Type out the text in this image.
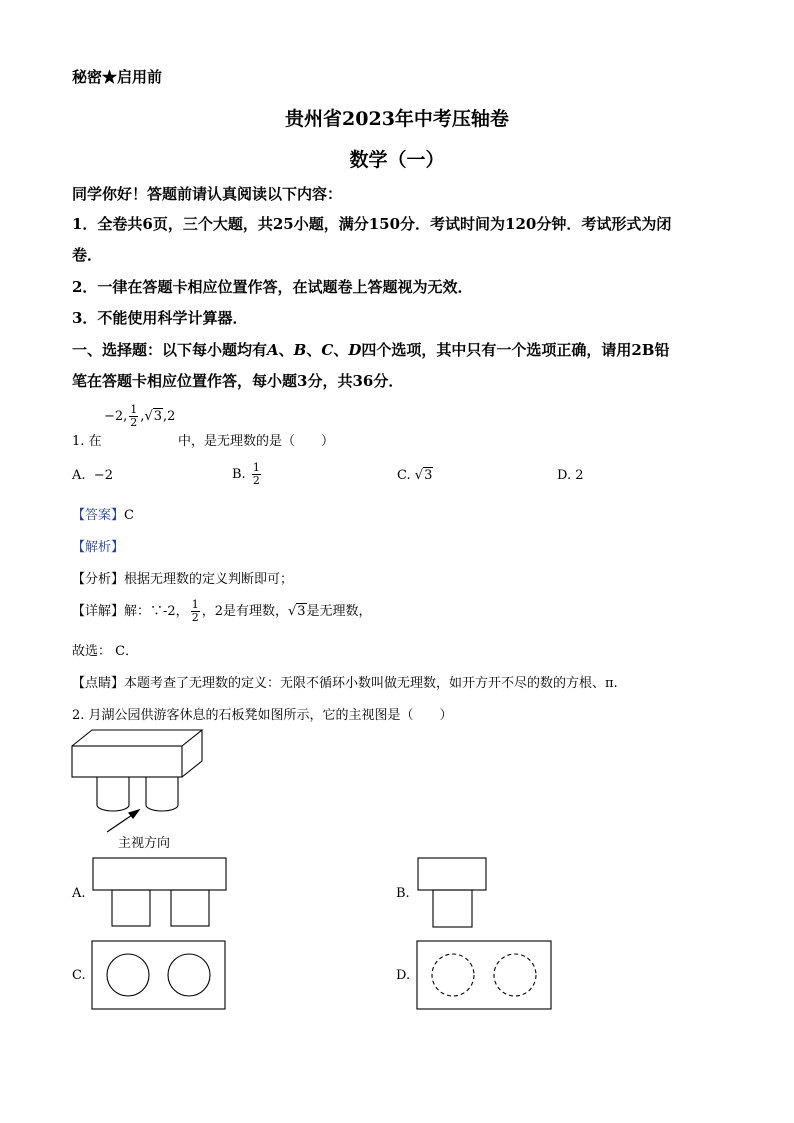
秘密★启用前
贵州省2023年中考压轴卷
数学（一）
同学你好！答题前请认真阅读以下内容：
1．全卷共6页，三个大题，共25小题，满分150分．考试时间为120分钟．考试形式为闭
卷．
2．一律在答题卡相应位置作答，在试题卷上答题视为无效．
3．不能使用科学计算器．
一、选择题：以下每小题均有A、B、C、D四个选项，其中只有一个选项正确，请用2B铅
笔在答题卡相应位置作答，每小题3分，共36分．
−2, $\frac{1}{2} ,√3,2$
1. 在	中，是无理数的是（　　）
A. −2	B. $\frac{1}{2}$	C. √3	D. 2
【答案】C
【解析】
【分析】根据无理数的定义判断即可；
【详解】解：∵-2， $\frac{1}{2}$ ，2是有理数，√3是无理数，
故选： C．
【点睛】本题考查了无理数的定义：无限不循环小数叫做无理数，如开方开不尽的数的方根、π.
2. 月湖公园供游客休息的石板凳如图所示，它的主视图是（　　）
主视方向
A.	B.
C.	D.
